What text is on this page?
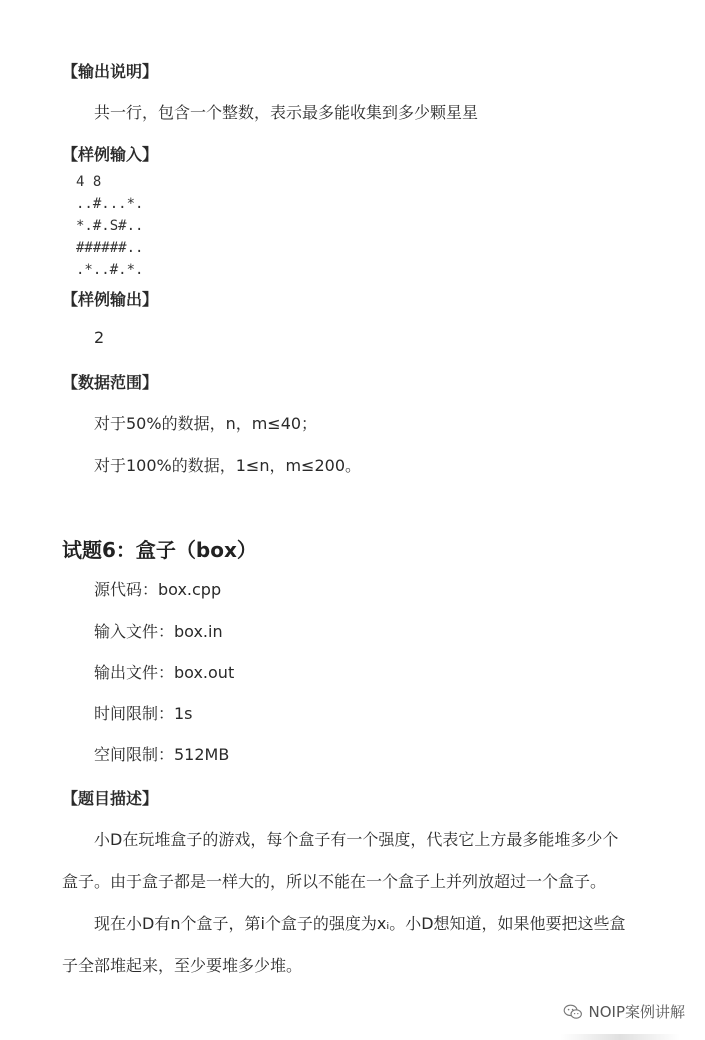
【输出说明】
共一行，包含一个整数，表示最多能收集到多少颗星星
【样例输入】
4 8
..#...*.
*.#.S#..
######..
.*..#.*.
【样例输出】
2
【数据范围】
对于50%的数据，n，m≤40；
对于100%的数据，1≤n，m≤200。
试题6：盒子（box）
源代码：box.cpp
输入文件：box.in
输出文件：box.out
时间限制：1s
空间限制：512MB
【题目描述】
小D在玩堆盒子的游戏，每个盒子有一个强度，代表它上方最多能堆多少个
盒子。由于盒子都是一样大的，所以不能在一个盒子上并列放超过一个盒子。
现在小D有n个盒子，第i个盒子的强度为xᵢ。小D想知道，如果他要把这些盒
子全部堆起来，至少要堆多少堆。
NOIP案例讲解
